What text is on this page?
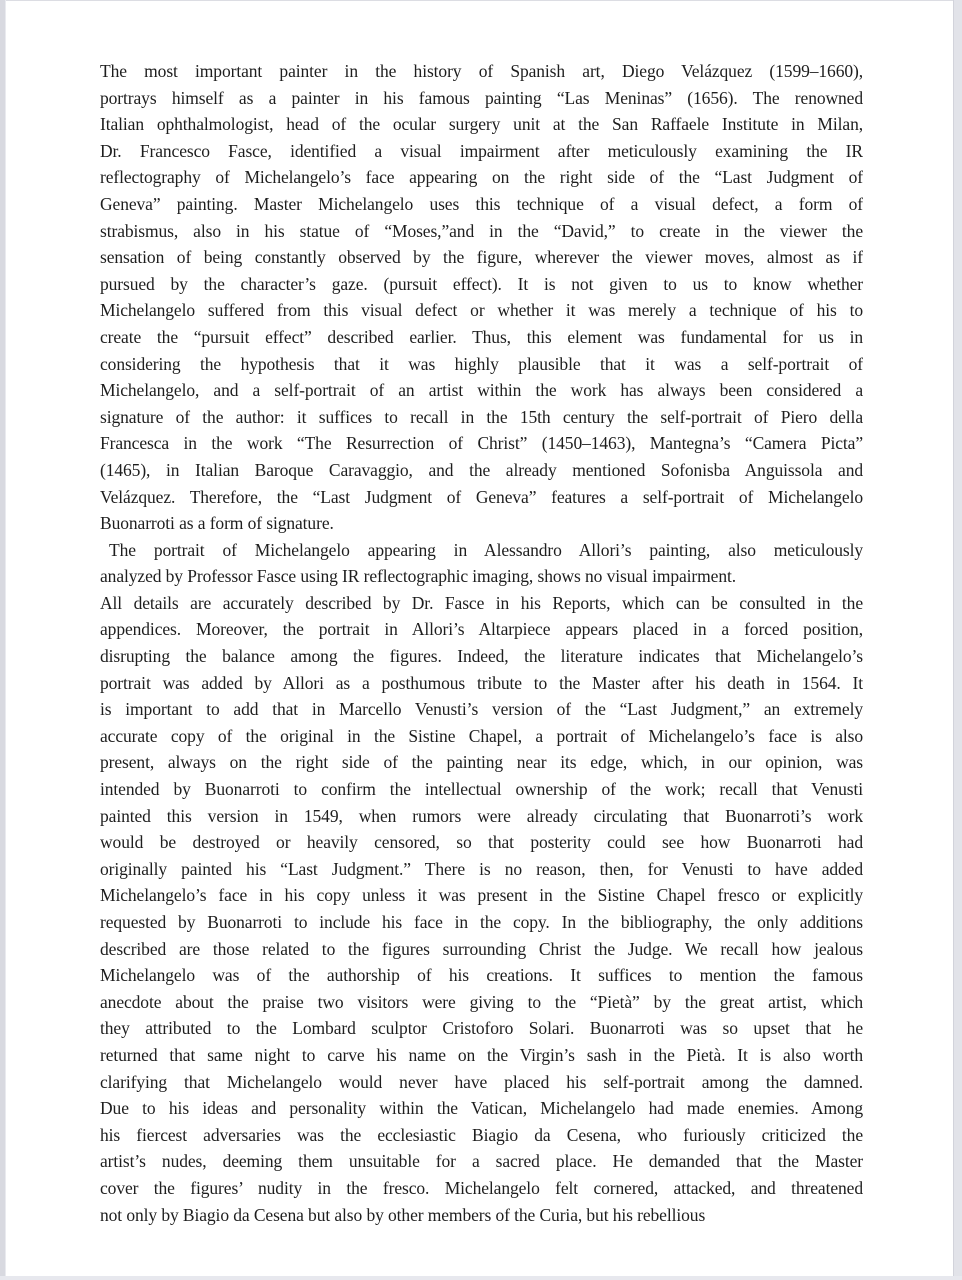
The most important painter in the history of Spanish art, Diego Velázquez (1599–1660),
portrays himself as a painter in his famous painting “Las Meninas” (1656). The renowned
Italian ophthalmologist, head of the ocular surgery unit at the San Raffaele Institute in Milan,
Dr. Francesco Fasce, identified a visual impairment after meticulously examining the IR
reflectography of Michelangelo’s face appearing on the right side of the “Last Judgment of
Geneva” painting. Master Michelangelo uses this technique of a visual defect, a form of
strabismus, also in his statue of “Moses,”and in the “David,” to create in the viewer the
sensation of being constantly observed by the figure, wherever the viewer moves, almost as if
pursued by the character’s gaze. (pursuit effect). It is not given to us to know whether
Michelangelo suffered from this visual defect or whether it was merely a technique of his to
create the “pursuit effect” described earlier. Thus, this element was fundamental for us in
considering the hypothesis that it was highly plausible that it was a self-portrait of
Michelangelo, and a self-portrait of an artist within the work has always been considered a
signature of the author: it suffices to recall in the 15th century the self-portrait of Piero della
Francesca in the work “The Resurrection of Christ” (1450–1463), Mantegna’s “Camera Picta”
(1465), in Italian Baroque Caravaggio, and the already mentioned Sofonisba Anguissola and
Velázquez. Therefore, the “Last Judgment of Geneva” features a self-portrait of Michelangelo
Buonarroti as a form of signature.
The portrait of Michelangelo appearing in Alessandro Allori’s painting, also meticulously
analyzed by Professor Fasce using IR reflectographic imaging, shows no visual impairment.
All details are accurately described by Dr. Fasce in his Reports, which can be consulted in the
appendices. Moreover, the portrait in Allori’s Altarpiece appears placed in a forced position,
disrupting the balance among the figures. Indeed, the literature indicates that Michelangelo’s
portrait was added by Allori as a posthumous tribute to the Master after his death in 1564. It
is important to add that in Marcello Venusti’s version of the “Last Judgment,” an extremely
accurate copy of the original in the Sistine Chapel, a portrait of Michelangelo’s face is also
present, always on the right side of the painting near its edge, which, in our opinion, was
intended by Buonarroti to confirm the intellectual ownership of the work; recall that Venusti
painted this version in 1549, when rumors were already circulating that Buonarroti’s work
would be destroyed or heavily censored, so that posterity could see how Buonarroti had
originally painted his “Last Judgment.” There is no reason, then, for Venusti to have added
Michelangelo’s face in his copy unless it was present in the Sistine Chapel fresco or explicitly
requested by Buonarroti to include his face in the copy. In the bibliography, the only additions
described are those related to the figures surrounding Christ the Judge. We recall how jealous
Michelangelo was of the authorship of his creations. It suffices to mention the famous
anecdote about the praise two visitors were giving to the “Pietà” by the great artist, which
they attributed to the Lombard sculptor Cristoforo Solari. Buonarroti was so upset that he
returned that same night to carve his name on the Virgin’s sash in the Pietà. It is also worth
clarifying that Michelangelo would never have placed his self-portrait among the damned.
Due to his ideas and personality within the Vatican, Michelangelo had made enemies. Among
his fiercest adversaries was the ecclesiastic Biagio da Cesena, who furiously criticized the
artist’s nudes, deeming them unsuitable for a sacred place. He demanded that the Master
cover the figures’ nudity in the fresco. Michelangelo felt cornered, attacked, and threatened
not only by Biagio da Cesena but also by other members of the Curia, but his rebellious
